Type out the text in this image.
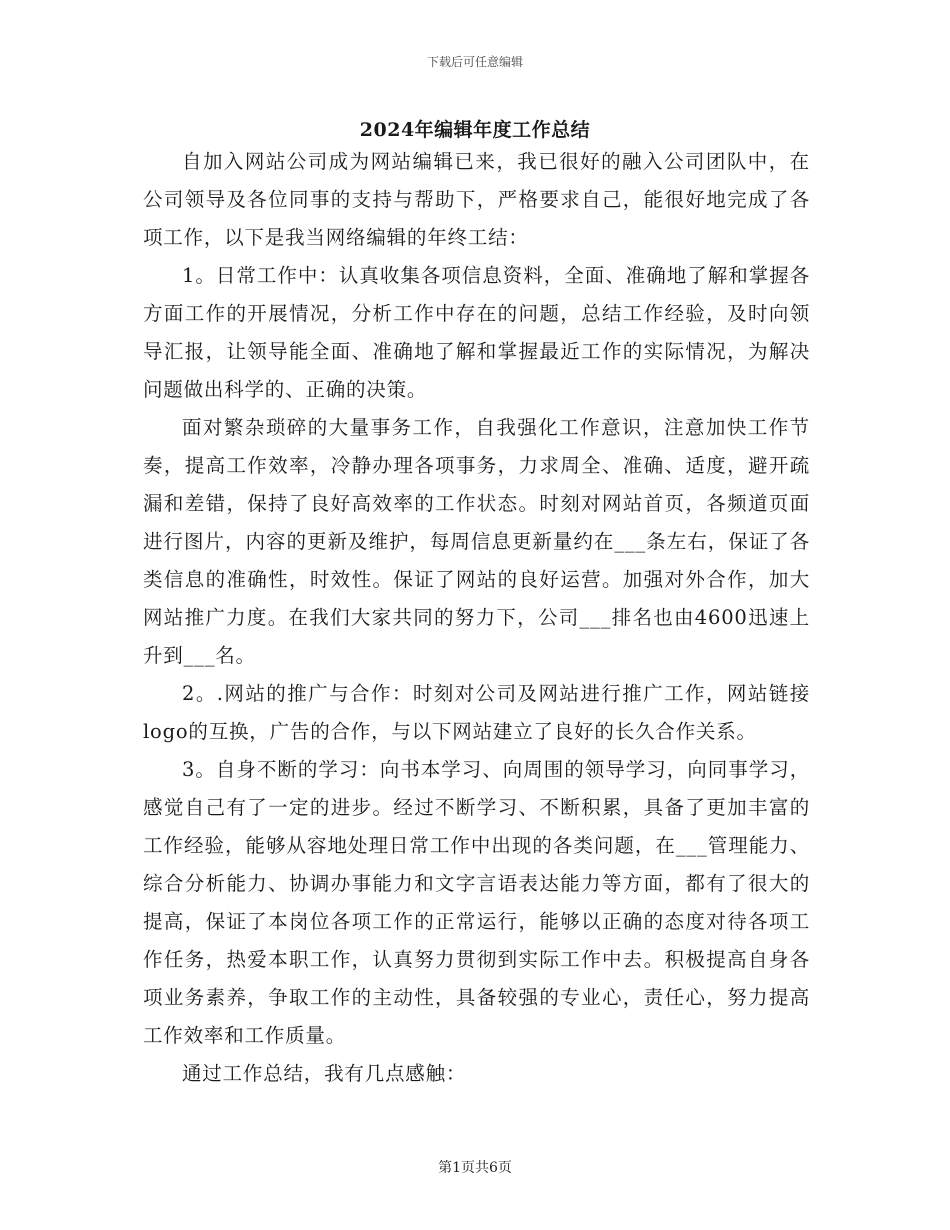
下载后可任意编辑
2024年编辑年度工作总结

自加入网站公司成为网站编辑已来，我已很好的融入公司团队中，在公司领导及各位同事的支持与帮助下，严格要求自己，能很好地完成了各项工作，以下是我当网络编辑的年终工结：

1。日常工作中：认真收集各项信息资料，全面、准确地了解和掌握各方面工作的开展情况，分析工作中存在的问题，总结工作经验，及时向领导汇报，让领导能全面、准确地了解和掌握最近工作的实际情况，为解决问题做出科学的、正确的决策。

面对繁杂琐碎的大量事务工作，自我强化工作意识，注意加快工作节奏，提高工作效率，冷静办理各项事务，力求周全、准确、适度，避开疏漏和差错，保持了良好高效率的工作状态。时刻对网站首页，各频道页面进行图片，内容的更新及维护，每周信息更新量约在___条左右，保证了各类信息的准确性，时效性。保证了网站的良好运营。加强对外合作，加大网站推广力度。在我们大家共同的努力下，公司___排名也由4600迅速上升到___名。

2。.网站的推广与合作：时刻对公司及网站进行推广工作，网站链接logo的互换，广告的合作，与以下网站建立了良好的长久合作关系。

3。自身不断的学习：向书本学习、向周围的领导学习，向同事学习，感觉自己有了一定的进步。经过不断学习、不断积累，具备了更加丰富的工作经验，能够从容地处理日常工作中出现的各类问题，在___管理能力、综合分析能力、协调办事能力和文字言语表达能力等方面，都有了很大的提高，保证了本岗位各项工作的正常运行，能够以正确的态度对待各项工作任务，热爱本职工作，认真努力贯彻到实际工作中去。积极提高自身各项业务素养，争取工作的主动性，具备较强的专业心，责任心，努力提高工作效率和工作质量。

通过工作总结，我有几点感触：

第1页共6页
